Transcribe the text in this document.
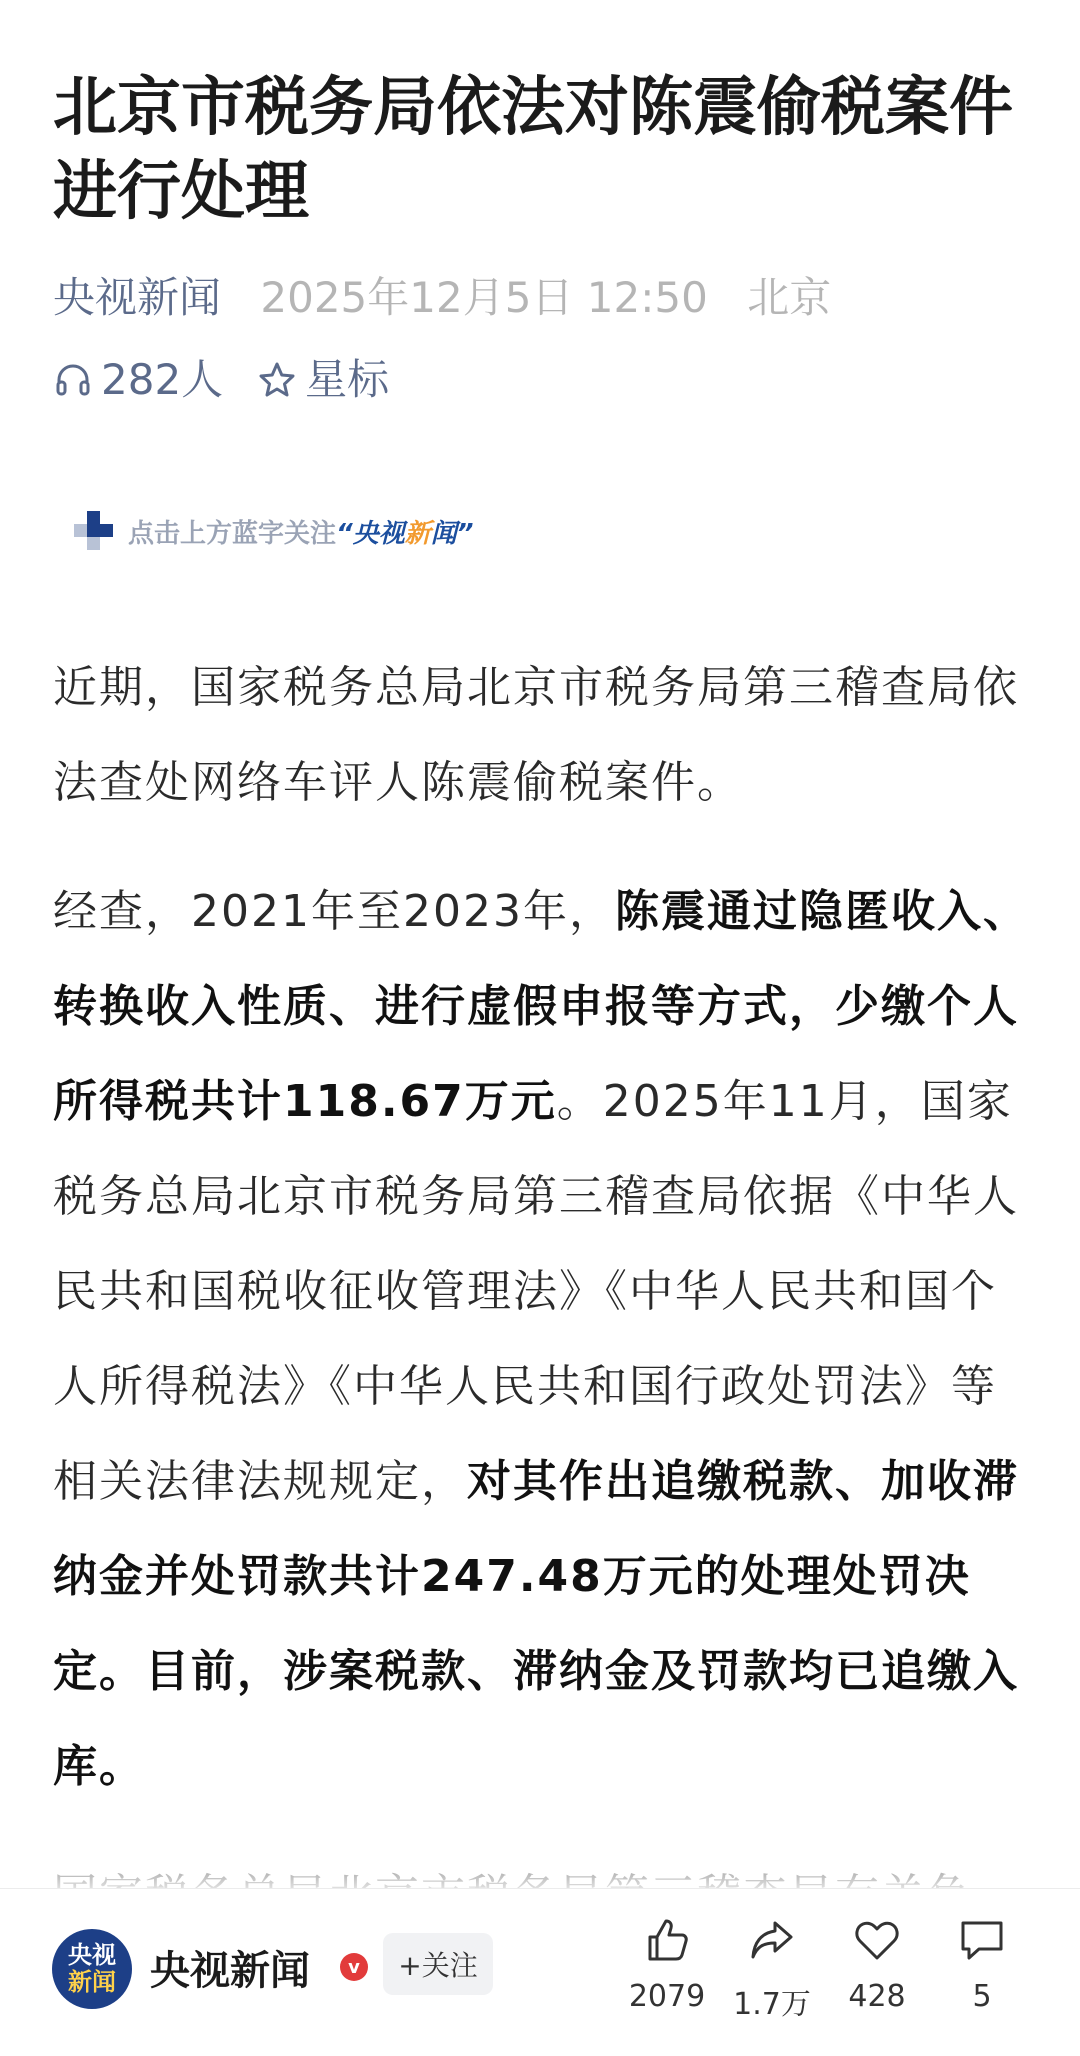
北京市税务局依法对陈震偷税案件进行处理
央视新闻 2025年12月5日 12:50 北京
282人 星标
点击上方蓝字关注“央视新闻”

近期，国家税务总局北京市税务局第三稽查局依法查处网络车评人陈震偷税案件。

经查，2021年至2023年，陈震通过隐匿收入、转换收入性质、进行虚假申报等方式，少缴个人所得税共计118.67万元。2025年11月，国家税务总局北京市税务局第三稽查局依据《中华人民共和国税收征收管理法》《中华人民共和国个人所得税法》《中华人民共和国行政处罚法》等相关法律法规规定，对其作出追缴税款、加收滞纳金并处罚款共计247.48万元的处理处罚决定。目前，涉案税款、滞纳金及罚款均已追缴入库。

央视
新闻 央视新闻	v	+关注
2079 1.7万 428 5
